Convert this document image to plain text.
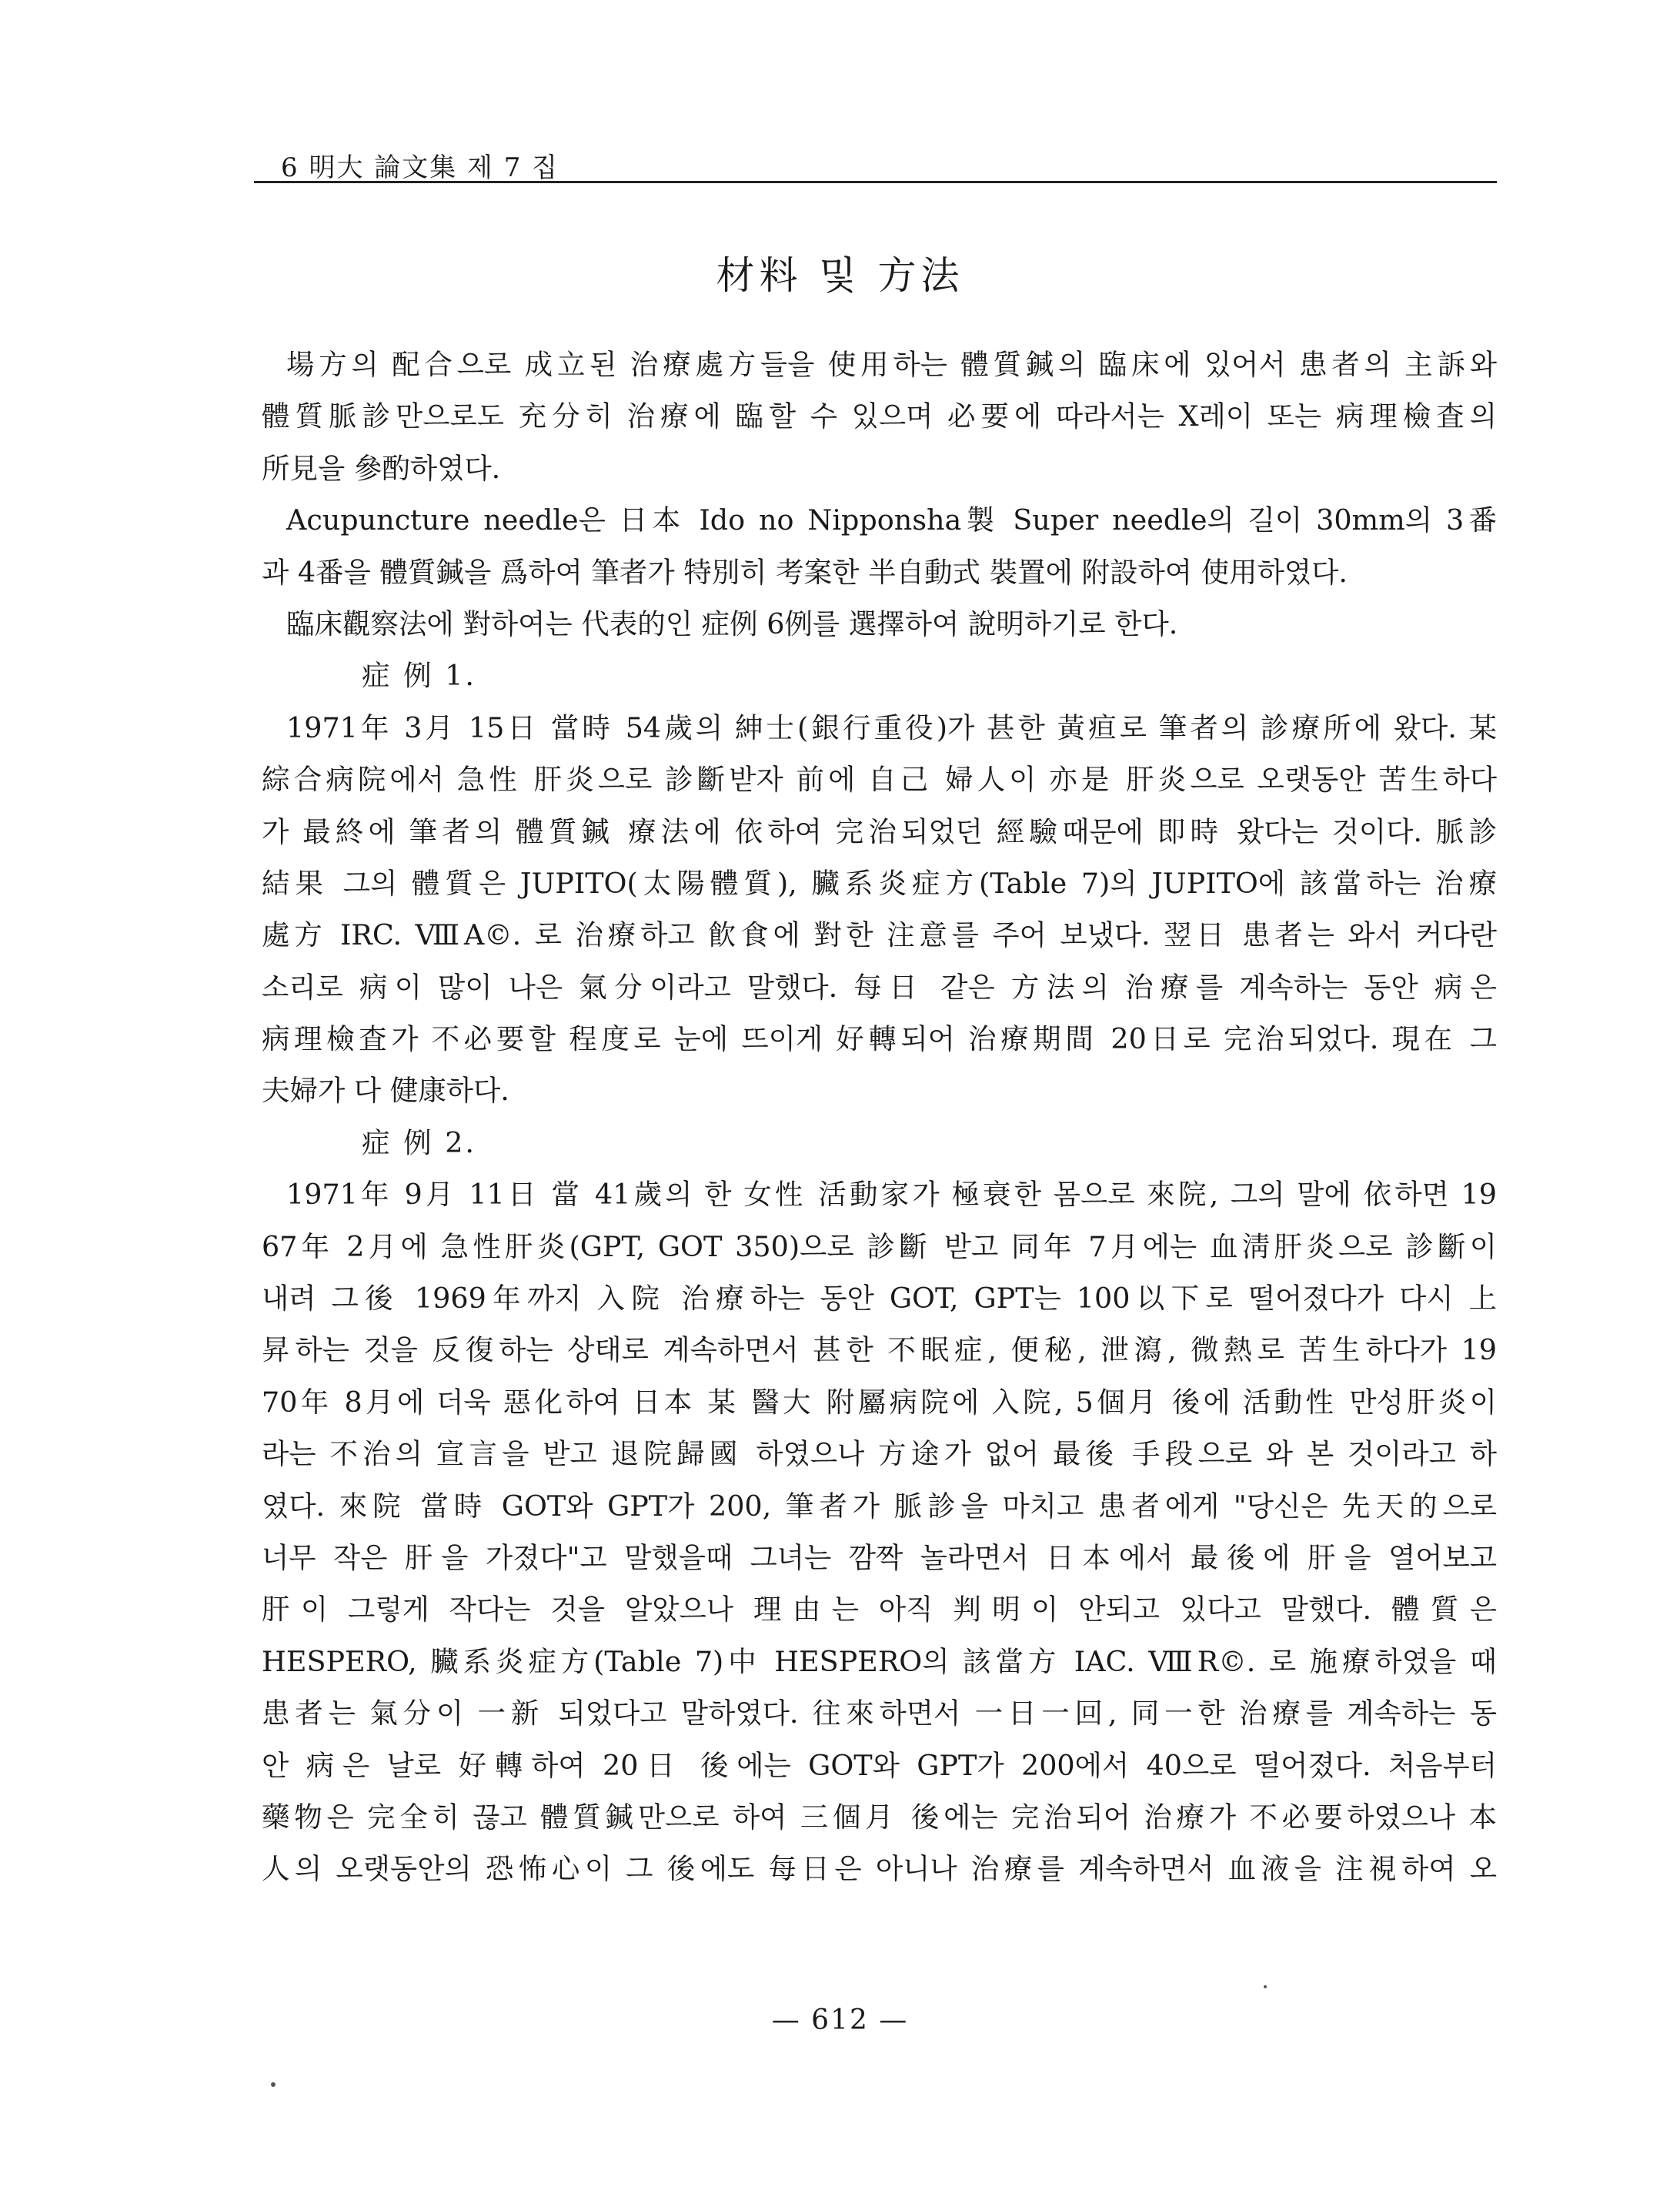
6 明大 論文集 제 7 집
材料 및 方法
場方의 配合으로 成立된 治療處方들을 使用하는 體質鍼의 臨床에 있어서 患者의 主訴와
體質脈診만으로도 充分히 治療에 臨할 수 있으며 必要에 따라서는 X레이 또는 病理檢査의
所見을 參酌하였다.
Acupuncture needle은 日本 Ido no Nipponsha製 Super needle의 길이 30mm의 3番
과 4番을 體質鍼을 爲하여 筆者가 特別히 考案한 半自動式 裝置에 附設하여 使用하였다.
臨床觀察法에 對하여는 代表的인 症例 6例를 選擇하여 說明하기로 한다.
症 例 1.
1971年 3月 15日 當時 54歲의 紳士(銀行重役)가 甚한 黃疸로 筆者의 診療所에 왔다. 某
綜合病院에서 急性 肝炎으로 診斷받자 前에 自己 婦人이 亦是 肝炎으로 오랫동안 苦生하다
가 最終에 筆者의 體質鍼 療法에 依하여 完治되었던 經驗때문에 即時 왔다는 것이다. 脈診
結果 그의 體質은 JUPITO(太陽體質), 臟系炎症方(Table 7)의 JUPITO에 該當하는 治療
處方 IRC. ⅧA©. 로 治療하고 飮食에 對한 注意를 주어 보냈다. 翌日 患者는 와서 커다란
소리로 病이 많이 나은 氣分이라고 말했다. 每日 같은 方法의 治療를 계속하는 동안 病은
病理檢査가 不必要할 程度로 눈에 뜨이게 好轉되어 治療期間 20日로 完治되었다. 現在 그
夫婦가 다 健康하다.
症 例 2.
1971年 9月 11日 當 41歲의 한 女性 活動家가 極衰한 몸으로 來院, 그의 말에 依하면 19
67年 2月에 急性肝炎(GPT, GOT 350)으로 診斷 받고 同年 7月에는 血淸肝炎으로 診斷이
내려 그後 1969年까지 入院 治療하는 동안 GOT, GPT는 100以下로 떨어졌다가 다시 上
昇하는 것을 反復하는 상태로 계속하면서 甚한 不眠症, 便秘, 泄瀉, 微熱로 苦生하다가 19
70年 8月에 더욱 惡化하여 日本 某 醫大 附屬病院에 入院, 5個月 後에 活動性 만성肝炎이
라는 不治의 宣言을 받고 退院歸國 하였으나 方途가 없어 最後 手段으로 와 본 것이라고 하
였다. 來院 當時 GOT와 GPT가 200, 筆者가 脈診을 마치고 患者에게 "당신은 先天的으로
너무 작은 肝을 가졌다"고 말했을때 그녀는 깜짝 놀라면서 日本에서 最後에 肝을 열어보고
肝이 그렇게 작다는 것을 알았으나 理由는 아직 判明이 안되고 있다고 말했다. 體質은
HESPERO, 臟系炎症方(Table 7)中 HESPERO의 該當方 IAC. ⅧR©. 로 施療하였을 때
患者는 氣分이 一新 되었다고 말하였다. 往來하면서 一日一回, 同一한 治療를 계속하는 동
안 病은 날로 好轉하여 20日 後에는 GOT와 GPT가 200에서 40으로 떨어졌다. 처음부터
藥物은 完全히 끊고 體質鍼만으로 하여 三個月 後에는 完治되어 治療가 不必要하였으나 本
人의 오랫동안의 恐怖心이 그 後에도 每日은 아니나 治療를 계속하면서 血液을 注視하여 오
— 612 —
